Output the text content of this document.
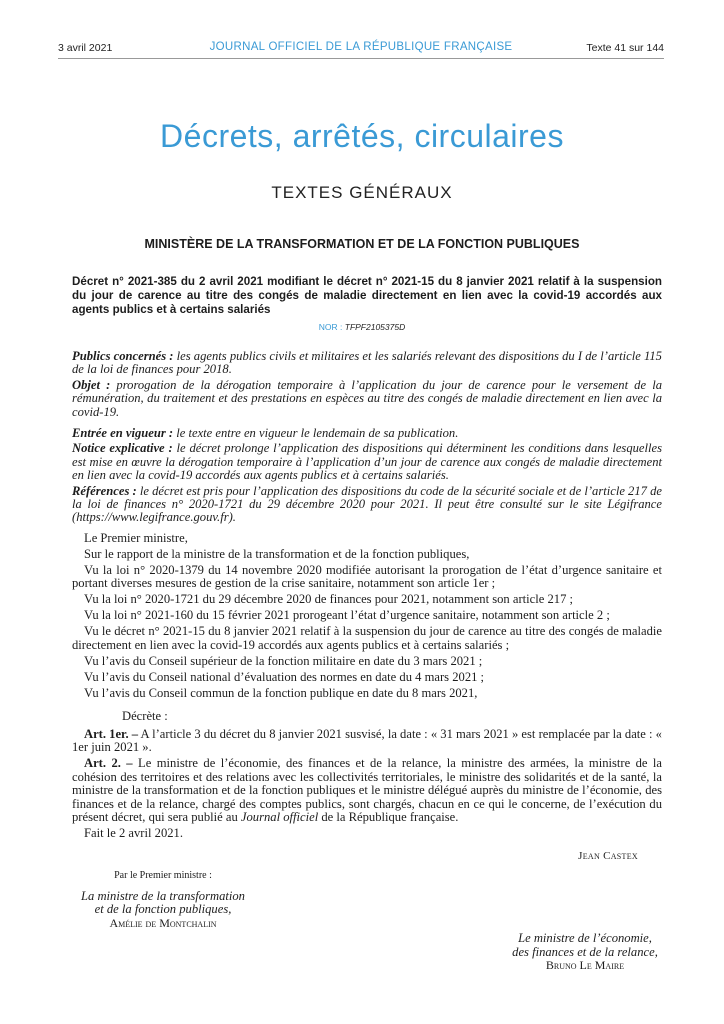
3 avril 2021	JOURNAL OFFICIEL DE LA RÉPUBLIQUE FRANÇAISE	Texte 41 sur 144
Décrets, arrêtés, circulaires
TEXTES GÉNÉRAUX
MINISTÈRE DE LA TRANSFORMATION ET DE LA FONCTION PUBLIQUES
Décret n° 2021-385 du 2 avril 2021 modifiant le décret n° 2021-15 du 8 janvier 2021 relatif à la suspension du jour de carence au titre des congés de maladie directement en lien avec la covid-19 accordés aux agents publics et à certains salariés
NOR : TFPF2105375D

Publics concernés : les agents publics civils et militaires et les salariés relevant des dispositions du I de l’article 115 de la loi de finances pour 2018.

Objet : prorogation de la dérogation temporaire à l’application du jour de carence pour le versement de la rémunération, du traitement et des prestations en espèces au titre des congés de maladie directement en lien avec la covid-19.

Entrée en vigueur : le texte entre en vigueur le lendemain de sa publication.

Notice explicative : le décret prolonge l’application des dispositions qui déterminent les conditions dans lesquelles est mise en œuvre la dérogation temporaire à l’application d’un jour de carence aux congés de maladie directement en lien avec la covid-19 accordés aux agents publics et à certains salariés.

Références : le décret est pris pour l’application des dispositions du code de la sécurité sociale et de l’article 217 de la loi de finances n° 2020-1721 du 29 décembre 2020 pour 2021. Il peut être consulté sur le site Légifrance (https://www.legifrance.gouv.fr).

Le Premier ministre,

Sur le rapport de la ministre de la transformation et de la fonction publiques,

Vu la loi n° 2020-1379 du 14 novembre 2020 modifiée autorisant la prorogation de l’état d’urgence sanitaire et portant diverses mesures de gestion de la crise sanitaire, notamment son article 1er ;

Vu la loi n° 2020-1721 du 29 décembre 2020 de finances pour 2021, notamment son article 217 ;

Vu la loi n° 2021-160 du 15 février 2021 prorogeant l’état d’urgence sanitaire, notamment son article 2 ;

Vu le décret n° 2021-15 du 8 janvier 2021 relatif à la suspension du jour de carence au titre des congés de maladie directement en lien avec la covid-19 accordés aux agents publics et à certains salariés ;

Vu l’avis du Conseil supérieur de la fonction militaire en date du 3 mars 2021 ;

Vu l’avis du Conseil national d’évaluation des normes en date du 4 mars 2021 ;

Vu l’avis du Conseil commun de la fonction publique en date du 8 mars 2021,

Décrète :

Art. 1er. – A l’article 3 du décret du 8 janvier 2021 susvisé, la date : « 31 mars 2021 » est remplacée par la date : « 1er juin 2021 ».

Art. 2. – Le ministre de l’économie, des finances et de la relance, la ministre des armées, la ministre de la cohésion des territoires et des relations avec les collectivités territoriales, le ministre des solidarités et de la santé, la ministre de la transformation et de la fonction publiques et le ministre délégué auprès du ministre de l’économie, des finances et de la relance, chargé des comptes publics, sont chargés, chacun en ce qui le concerne, de l’exécution du présent décret, qui sera publié au Journal officiel de la République française.

Fait le 2 avril 2021.

Jean Castex
Par le Premier ministre :
La ministre de la transformation
et de la fonction publiques,
Amélie de Montchalin
Le ministre de l’économie,
des finances et de la relance,
Bruno Le Maire
